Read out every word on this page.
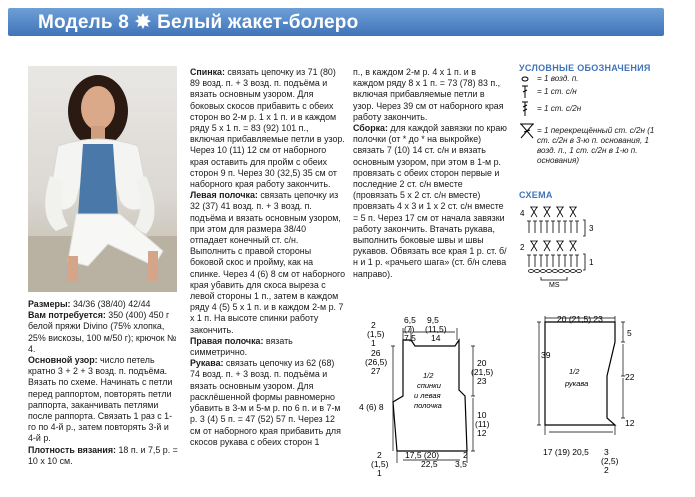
Модель 8 ✸ Белый жакет-болеро

Размеры: 34/36 (38/40) 42/44

Вам потребуется: 350 (400) 450 г белой пряжи Divino (75% хлопка, 25% вискозы, 100 м/50 г); крючок № 4.

Основной узор: число петель кратно 3 + 2 + 3 возд. п. подъёма. Вязать по схеме. Начинать с петли перед раппортом, повторять петли раппорта, заканчивать петлями после раппорта. Связать 1 раз с 1-го по 4-й р., затем повторять 3-й и 4-й р.

Плотность вязания: 18 п. и 7,5 р. = 10 х 10 см.

Спинка: связать цепочку из 71 (80) 89 возд. п. + 3 возд. п. подъёма и вязать основным узором. Для боковых скосов прибавить с обеих сторон во 2-м р. 1 х 1 п. и в каждом ряду 5 х 1 п. = 83 (92) 101 п., включая прибавляемые петли в узор. Через 10 (11) 12 см от наборного края оставить для пройм с обеих сторон 9 п. Через 30 (32,5) 35 см от наборного края работу закончить.

Левая полочка: связать цепочку из 32 (37) 41 возд. п. + 3 возд. п. подъёма и вязать основным узором, при этом для размера 38/40 отпадает конечный ст. с/н. Выполнить с правой стороны боковой скос и пройму, как на спинке. Через 4 (6) 8 см от наборного края убавить для скоса выреза с левой стороны 1 п., затем в каждом ряду 4 (5) 5 х 1 п. и в каждом 2-м р. 7 х 1 п. На высоте спинки работу закончить.

Правая полочка: вязать симметрично.

Рукава: связать цепочку из 62 (68) 74 возд. п. + 3 возд. п. подъёма и вязать основным узором. Для расклёшенной формы равномерно убавить в 3-м и 5-м р. по 6 п. и в 7-м р. 3 (4) 5 п. = 47 (52) 57 п. Через 12 см от наборного края прибавить для скосов рукава с обеих сторон 1

п., в каждом 2-м р. 4 х 1 п. и в каждом ряду 8 х 1 п. = 73 (78) 83 п., включая прибавляемые петли в узор. Через 39 см от наборного края работу закончить.

Сборка: для каждой завязки по краю полочки (от * до * на выкройке) связать 7 (10) 14 ст. с/н и вязать основным узором, при этом в 1-м р. провязать с обеих сторон первые и последние 2 ст. с/н вместе (провязать 5 х 2 ст. с/н вместе) провязать 4 х 3 и 1 х 2 ст. с/н вместе = 5 п. Через 17 см от начала завязки работу закончить. Втачать рукава, выполнить боковые швы и швы рукавов. Обвязать все края 1 р. ст. б/н и 1 р. «рачьего шага» (ст. б/н слева направо).

УСЛОВНЫЕ ОБОЗНАЧЕНИЯ
= 1 возд. п.
= 1 ст. с/н
= 1 ст. с/2н
= 1 перекрещённый ст. с/2н (1 ст. с/2н в 3-ю п. основания, 1 возд. п., 1 ст. с/2н в 1-ю п. основания)
СХЕМА
4
2
3
1
MS
2
(1,5)
1
6,5
(7)
7,5
9,5
(11,5)
14
26
(26,5)
27
20
(21,5)
23
1/2
спинки
и левая
полочка
10
(11)
12
4 (6) 8
2
(1,5)
1
17,5 (20)
22,5
2
3,5
20 (21,5) 23
5
39
1/2
рукава
22
12
17 (19) 20,5 3
(2,5)
2
